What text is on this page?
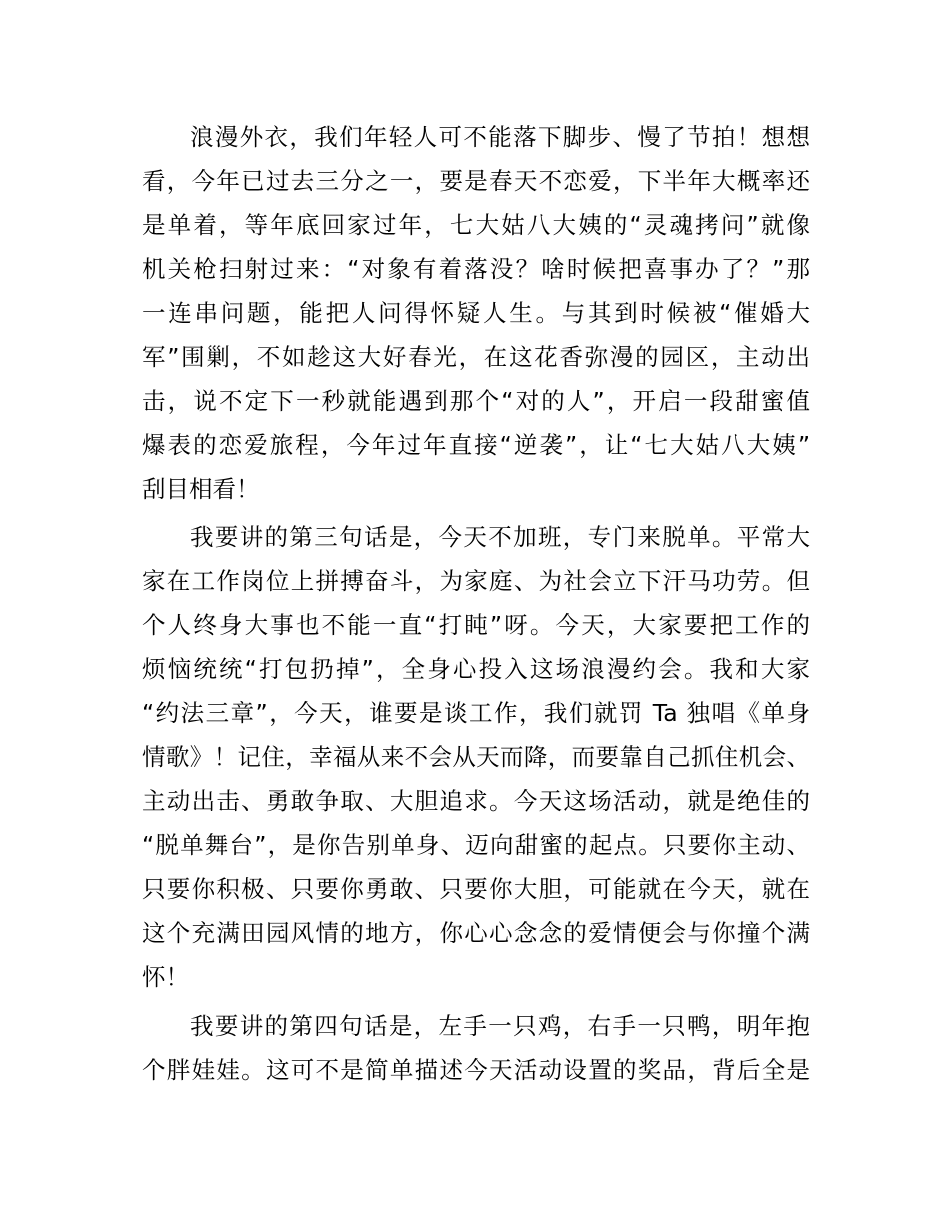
浪漫外衣，我们年轻人可不能落下脚步、慢了节拍！想想
看，今年已过去三分之一，要是春天不恋爱，下半年大概率还
是单着，等年底回家过年，七大姑八大姨的“灵魂拷问”就像
机关枪扫射过来：“对象有着落没？啥时候把喜事办了？”那
一连串问题，能把人问得怀疑人生。与其到时候被“催婚大
军”围剿，不如趁这大好春光，在这花香弥漫的园区，主动出
击，说不定下一秒就能遇到那个“对的人”，开启一段甜蜜值
爆表的恋爱旅程，今年过年直接“逆袭”，让“七大姑八大姨”
刮目相看！
我要讲的第三句话是，今天不加班，专门来脱单。平常大
家在工作岗位上拼搏奋斗，为家庭、为社会立下汗马功劳。但
个人终身大事也不能一直“打盹”呀。今天，大家要把工作的
烦恼统统“打包扔掉”，全身心投入这场浪漫约会。我和大家
“约法三章”，今天，谁要是谈工作，我们就罚 Ta 独唱《单身
情歌》！记住，幸福从来不会从天而降，而要靠自己抓住机会、
主动出击、勇敢争取、大胆追求。今天这场活动，就是绝佳的
“脱单舞台”，是你告别单身、迈向甜蜜的起点。只要你主动、
只要你积极、只要你勇敢、只要你大胆，可能就在今天，就在
这个充满田园风情的地方，你心心念念的爱情便会与你撞个满
怀！
我要讲的第四句话是，左手一只鸡，右手一只鸭，明年抱
个胖娃娃。这可不是简单描述今天活动设置的奖品，背后全是
